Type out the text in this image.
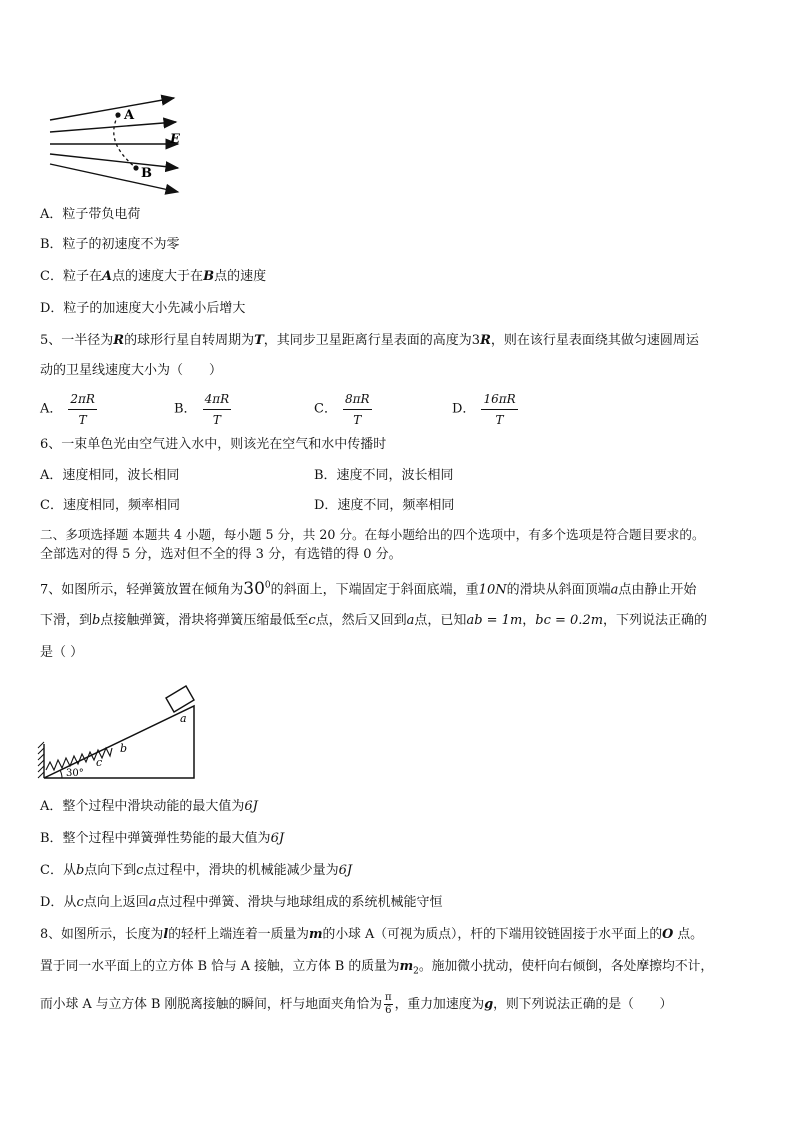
A
B
E
A．粒子带负电荷
B．粒子的初速度不为零
C．粒子在A点的速度大于在B点的速度
D．粒子的加速度大小先减小后增大
5、一半径为R的球形行星自转周期为T，其同步卫星距离行星表面的高度为3R，则在该行星表面绕其做匀速圆周运
动的卫星线速度大小为（　　）
A． $\frac{2\pi R}{T}$	B． $\frac{4\pi R}{T}$	C． $\frac{8\pi R}{T}$	D． $\frac{16\pi R}{T}$
6、一束单色光由空气进入水中，则该光在空气和水中传播时
A．速度相同，波长相同	B．速度不同，波长相同
C．速度相同，频率相同	D．速度不同，频率相同
二、多项选择题 本题共 4 小题，每小题 5 分，共 20 分。在每小题给出的四个选项中，有多个选项是符合题目要求的。
全部选对的得 5 分，选对但不全的得 3 分，有选错的得 0 分。
7、如图所示，轻弹簧放置在倾角为$30^0$的斜面上，下端固定于斜面底端，重10N的滑块从斜面顶端a点由静止开始
下滑，到b点接触弹簧，滑块将弹簧压缩最低至c点，然后又回到a点，已知ab = 1m，bc = 0.2m，下列说法正确的
是（ ）
30°
c
b
a
A．整个过程中滑块动能的最大值为6J
B．整个过程中弹簧弹性势能的最大值为6J
C．从b点向下到c点过程中，滑块的机械能减少量为6J
D．从c点向上返回a点过程中弹簧、滑块与地球组成的系统机械能守恒
8、如图所示，长度为l的轻杆上端连着一质量为m的小球 A（可视为质点），杆的下端用铰链固接于水平面上的O 点。
置于同一水平面上的立方体 B 恰与 A 接触，立方体 B 的质量为$m_2$。施加微小扰动，使杆向右倾倒，各处摩擦均不计，
而小球 A 与立方体 B 刚脱离接触的瞬间，杆与地面夹角恰为 $\frac{\pi}{6}$ ，重力加速度为g，则下列说法正确的是（　　）
